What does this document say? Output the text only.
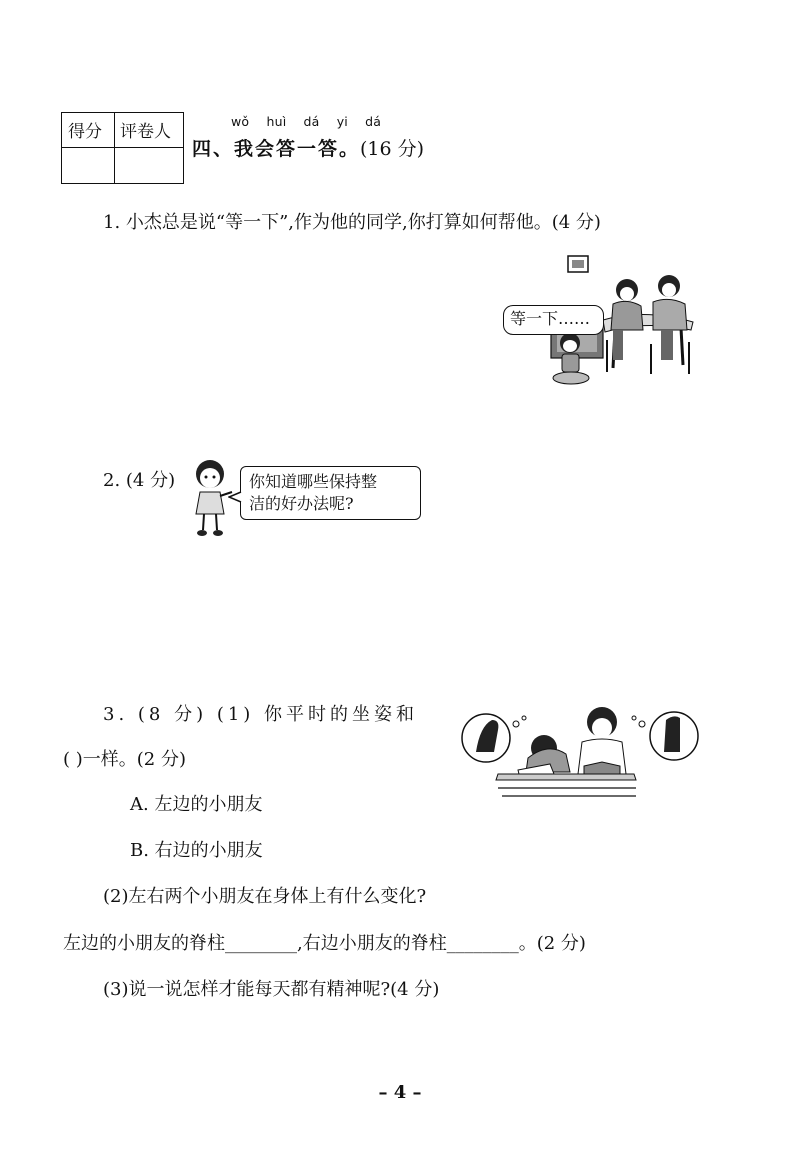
得分 评卷人
wǒ huì dá yi dá
四、我会答一答。(16 分)
1. 小杰总是说“等一下”,作为他的同学,你打算如何帮他。(4 分)
等一下……
2. (4 分)	你知道哪些保持整
洁的好办法呢?
3. (8 分) (1) 你平时的坐姿和
( )一样。(2 分)
A. 左边的小朋友
B. 右边的小朋友
(2)左右两个小朋友在身体上有什么变化?
左边的小朋友的脊柱________,右边小朋友的脊柱________。(2 分)
(3)说一说怎样才能每天都有精神呢?(4 分)
– 4 –
